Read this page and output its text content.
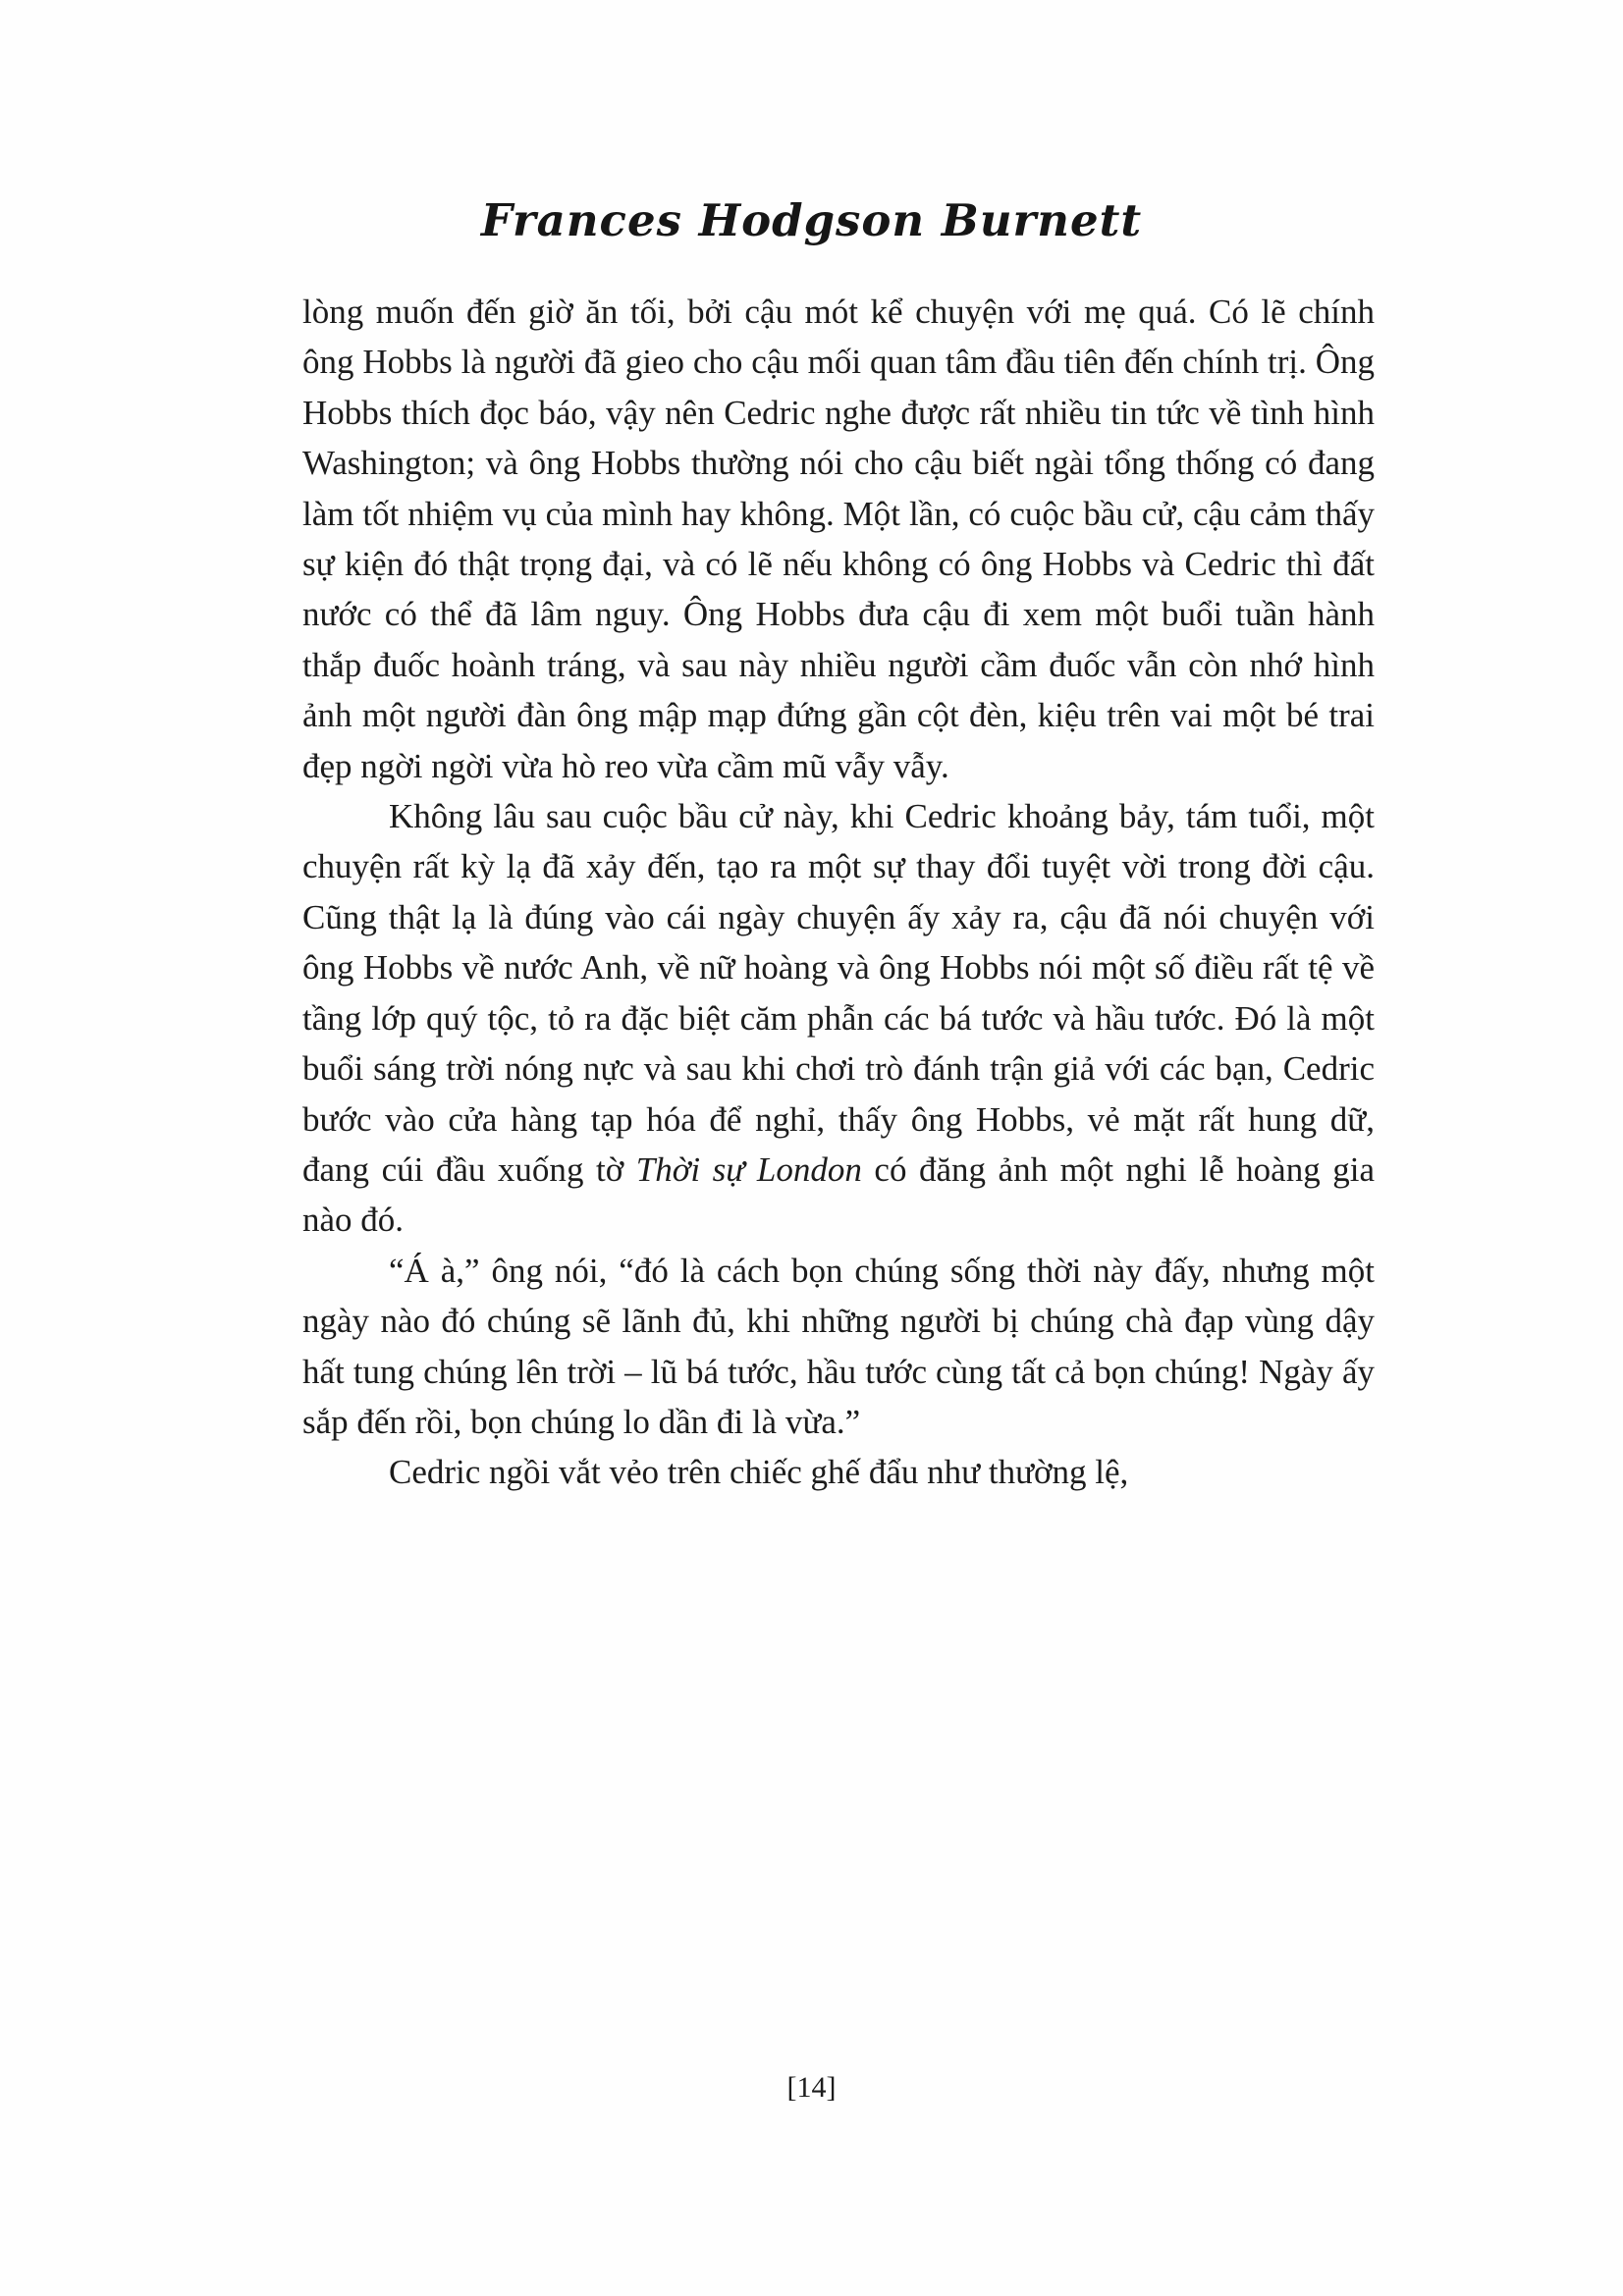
Frances Hodgson Burnett

lòng muốn đến giờ ăn tối, bởi cậu mót kể chuyện với mẹ quá. Có lẽ chính ông Hobbs là người đã gieo cho cậu mối quan tâm đầu tiên đến chính trị. Ông Hobbs thích đọc báo, vậy nên Cedric nghe được rất nhiều tin tức về tình hình Washington; và ông Hobbs thường nói cho cậu biết ngài tổng thống có đang làm tốt nhiệm vụ của mình hay không. Một lần, có cuộc bầu cử, cậu cảm thấy sự kiện đó thật trọng đại, và có lẽ nếu không có ông Hobbs và Cedric thì đất nước có thể đã lâm nguy. Ông Hobbs đưa cậu đi xem một buổi tuần hành thắp đuốc hoành tráng, và sau này nhiều người cầm đuốc vẫn còn nhớ hình ảnh một người đàn ông mập mạp đứng gần cột đèn, kiệu trên vai một bé trai đẹp ngời ngời vừa hò reo vừa cầm mũ vẫy vẫy.

Không lâu sau cuộc bầu cử này, khi Cedric khoảng bảy, tám tuổi, một chuyện rất kỳ lạ đã xảy đến, tạo ra một sự thay đổi tuyệt vời trong đời cậu. Cũng thật lạ là đúng vào cái ngày chuyện ấy xảy ra, cậu đã nói chuyện với ông Hobbs về nước Anh, về nữ hoàng và ông Hobbs nói một số điều rất tệ về tầng lớp quý tộc, tỏ ra đặc biệt căm phẫn các bá tước và hầu tước. Đó là một buổi sáng trời nóng nực và sau khi chơi trò đánh trận giả với các bạn, Cedric bước vào cửa hàng tạp hóa để nghỉ, thấy ông Hobbs, vẻ mặt rất hung dữ, đang cúi đầu xuống tờ Thời sự London có đăng ảnh một nghi lễ hoàng gia nào đó.

“Á à,” ông nói, “đó là cách bọn chúng sống thời này đấy, nhưng một ngày nào đó chúng sẽ lãnh đủ, khi những người bị chúng chà đạp vùng dậy hất tung chúng lên trời – lũ bá tước, hầu tước cùng tất cả bọn chúng! Ngày ấy sắp đến rồi, bọn chúng lo dần đi là vừa.”

Cedric ngồi vắt vẻo trên chiếc ghế đẩu như thường lệ,

[14]
